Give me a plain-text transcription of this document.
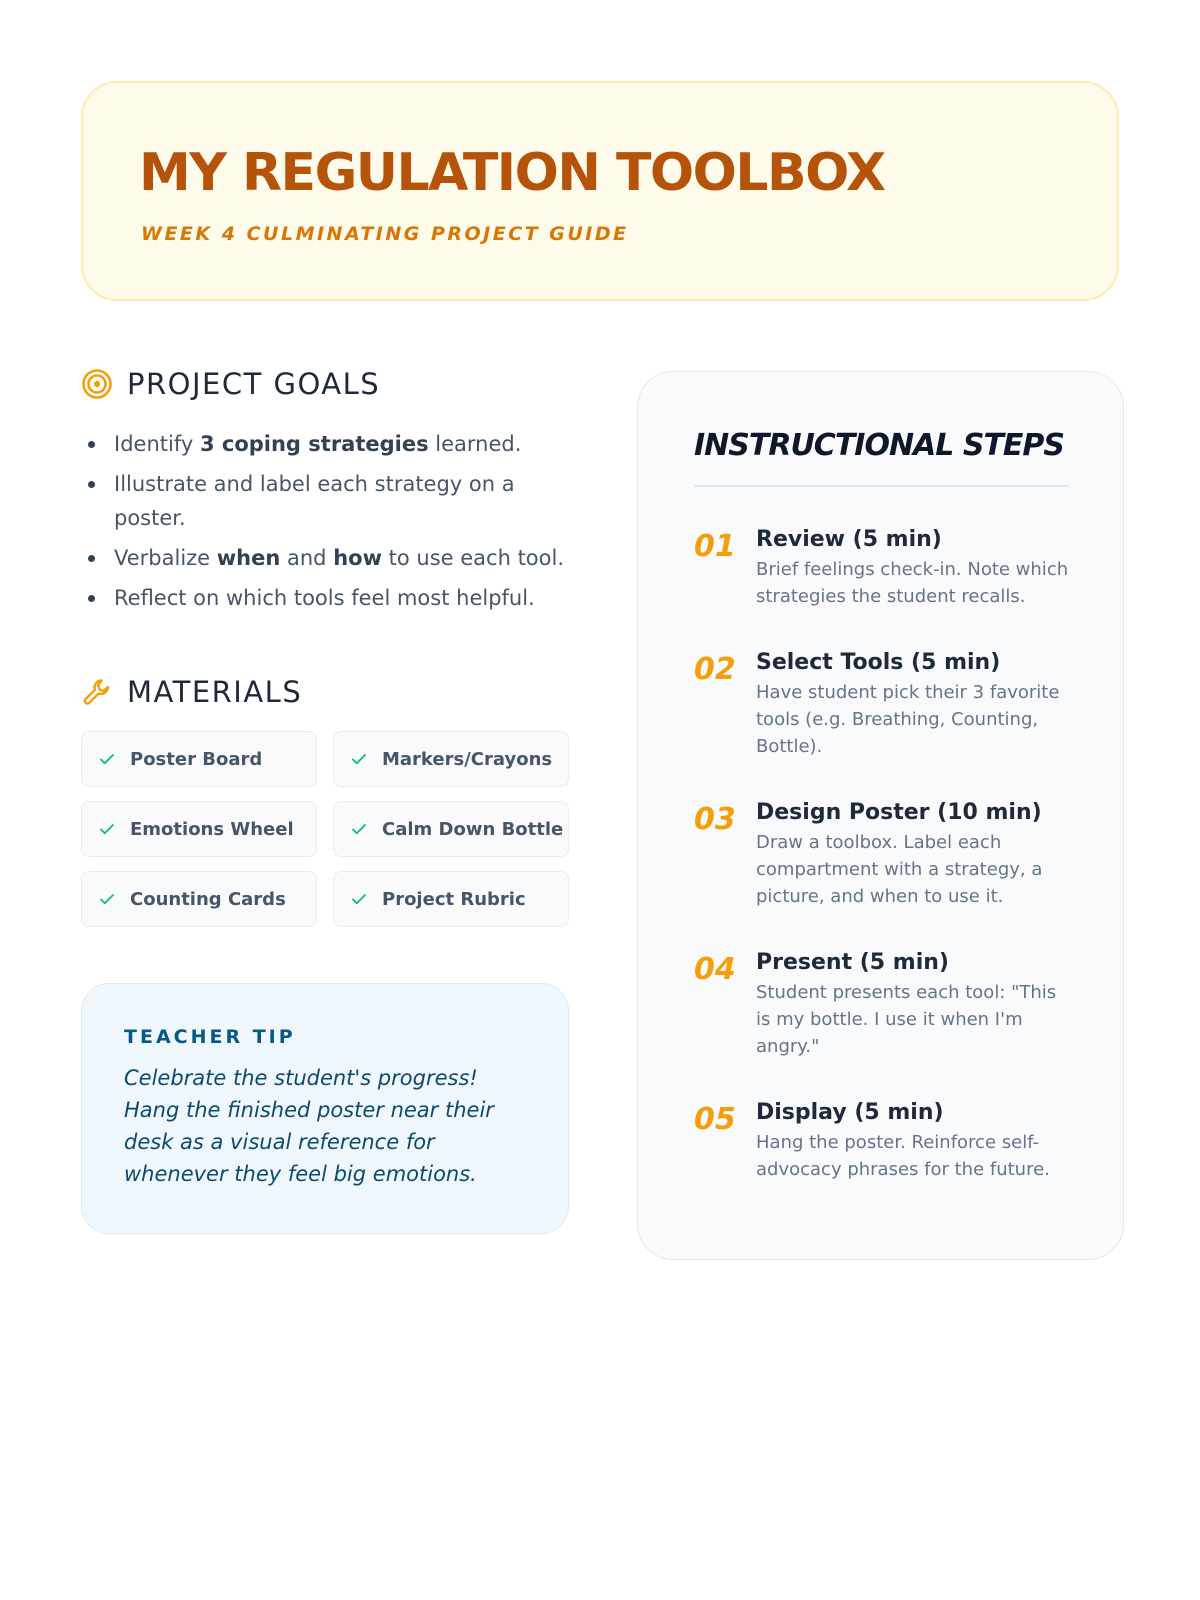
MY REGULATION TOOLBOX
WEEK 4 CULMINATING PROJECT GUIDE
PROJECT GOALS
Identify 3 coping strategies learned.
Illustrate and label each strategy on a poster.
Verbalize when and how to use each tool.
Reflect on which tools feel most helpful.
MATERIALS
Poster Board	Markers/Crayons
Emotions Wheel	Calm Down Bottle
Counting Cards	Project Rubric
TEACHER TIP
Celebrate the student's progress! Hang the finished poster near their desk as a visual reference for whenever they feel big emotions.
INSTRUCTIONAL STEPS
01 Review (5 min)
Brief feelings check-in. Note which strategies the student recalls.
02 Select Tools (5 min)
Have student pick their 3 favorite tools (e.g. Breathing, Counting, Bottle).
03 Design Poster (10 min)
Draw a toolbox. Label each compartment with a strategy, a picture, and when to use it.
04 Present (5 min)
Student presents each tool: "This is my bottle. I use it when I'm angry."
05 Display (5 min)
Hang the poster. Reinforce self-advocacy phrases for the future.
